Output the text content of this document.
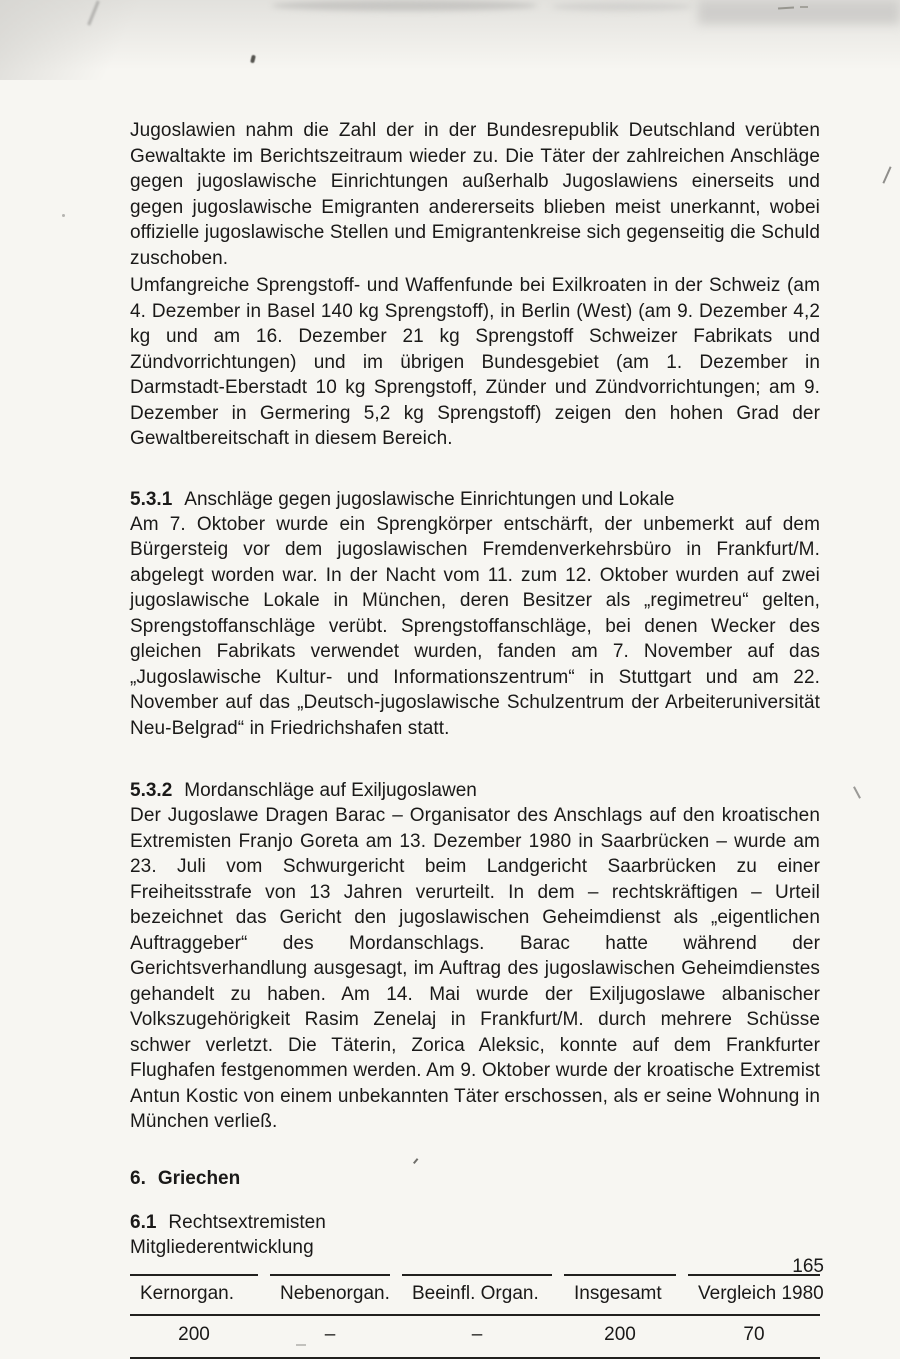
Jugoslawien nahm die Zahl der in der Bundesrepublik Deutschland verübten Gewaltakte im Berichtszeitraum wieder zu. Die Täter der zahlreichen Anschläge gegen jugoslawische Einrichtungen außerhalb Jugoslawiens einerseits und gegen jugoslawische Emigranten andererseits blieben meist unerkannt, wobei offizielle jugoslawische Stellen und Emigrantenkreise sich gegenseitig die Schuld zuschoben.

Umfangreiche Sprengstoff- und Waffenfunde bei Exilkroaten in der Schweiz (am 4. Dezember in Basel 140 kg Sprengstoff), in Berlin (West) (am 9. Dezember 4,2 kg und am 16. Dezember 21 kg Sprengstoff Schweizer Fabrikats und Zündvorrichtungen) und im übrigen Bundesgebiet (am 1. Dezember in Darmstadt-Eberstadt 10 kg Sprengstoff, Zünder und Zündvorrichtungen; am 9. Dezember in Germering 5,2 kg Sprengstoff) zeigen den hohen Grad der Gewaltbereitschaft in diesem Bereich.

5.3.1 Anschläge gegen jugoslawische Einrichtungen und Lokale

Am 7. Oktober wurde ein Sprengkörper entschärft, der unbemerkt auf dem Bürgersteig vor dem jugoslawischen Fremdenverkehrsbüro in Frankfurt/M. abgelegt worden war. In der Nacht vom 11. zum 12. Oktober wurden auf zwei jugoslawische Lokale in München, deren Besitzer als „regimetreu“ gelten, Sprengstoffanschläge verübt. Sprengstoffanschläge, bei denen Wecker des gleichen Fabrikats verwendet wurden, fanden am 7. November auf das „Jugoslawische Kultur- und Informationszentrum“ in Stuttgart und am 22. November auf das „Deutsch-jugoslawische Schulzentrum der Arbeiteruniversität Neu-Belgrad“ in Friedrichshafen statt.

5.3.2 Mordanschläge auf Exiljugoslawen

Der Jugoslawe Dragen Barac – Organisator des Anschlags auf den kroatischen Extremisten Franjo Goreta am 13. Dezember 1980 in Saarbrücken – wurde am 23. Juli vom Schwurgericht beim Landgericht Saarbrücken zu einer Freiheitsstrafe von 13 Jahren verurteilt. In dem – rechtskräftigen – Urteil bezeichnet das Gericht den jugoslawischen Geheimdienst als „eigentlichen Auftraggeber“ des Mordanschlags. Barac hatte während der Gerichtsverhandlung ausgesagt, im Auftrag des jugoslawischen Geheimdienstes gehandelt zu haben. Am 14. Mai wurde der Exiljugoslawe albanischer Volkszugehörigkeit Rasim Zenelaj in Frankfurt/M. durch mehrere Schüsse schwer verletzt. Die Täterin, Zorica Aleksic, konnte auf dem Frankfurter Flughafen festgenommen werden. Am 9. Oktober wurde der kroatische Extremist Antun Kostic von einem unbekannten Täter erschossen, als er seine Wohnung in München verließ.

6. Griechen
6.1 Rechtsextremisten

Mitgliederentwicklung

Kernorgan.	Nebenorgan.	Beeinfl. Organ.	Insgesamt	Vergleich 1980
200	–	–	200	70
165
